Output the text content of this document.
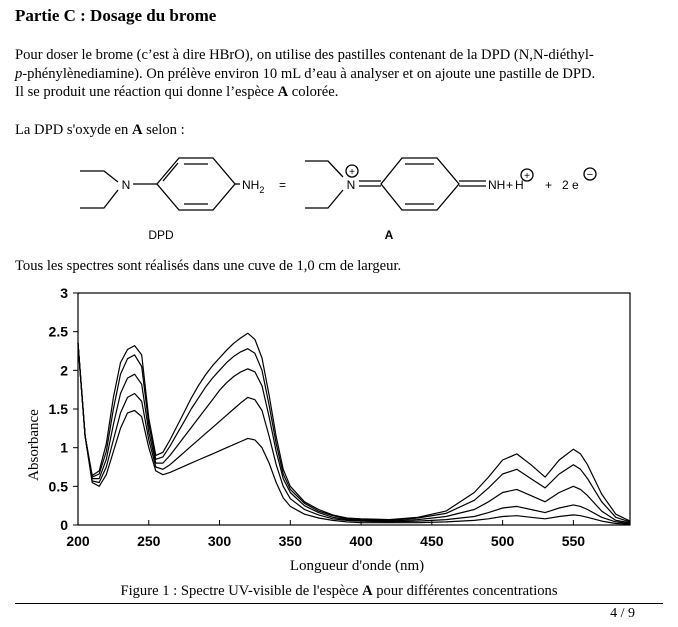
Partie C : Dosage du brome

Pour doser le brome (c’est à dire HBrO), on utilise des pastilles contenant de la DPD (N,N-diéthyl-

p-phénylènediamine). On prélève environ 10 mL d’eau à analyser et on ajoute une pastille de DPD.

Il se produit une réaction qui donne l’espèce A colorée.

La DPD s'oxyde en A selon :

N	$NH_2$ =
+
N	NH + H
+
+ 2 e
−
DPD	A

Tous les spectres sont réalisés dans une cuve de 1,0 cm de largeur.

200	250	300	350	400	450	500	550
0
0.5
1
1.5
2
2.5
3
Longueur d'onde (nm)
Absorbance
Figure 1 : Spectre UV-visible de l'espèce A pour différentes concentrations
4 / 9
